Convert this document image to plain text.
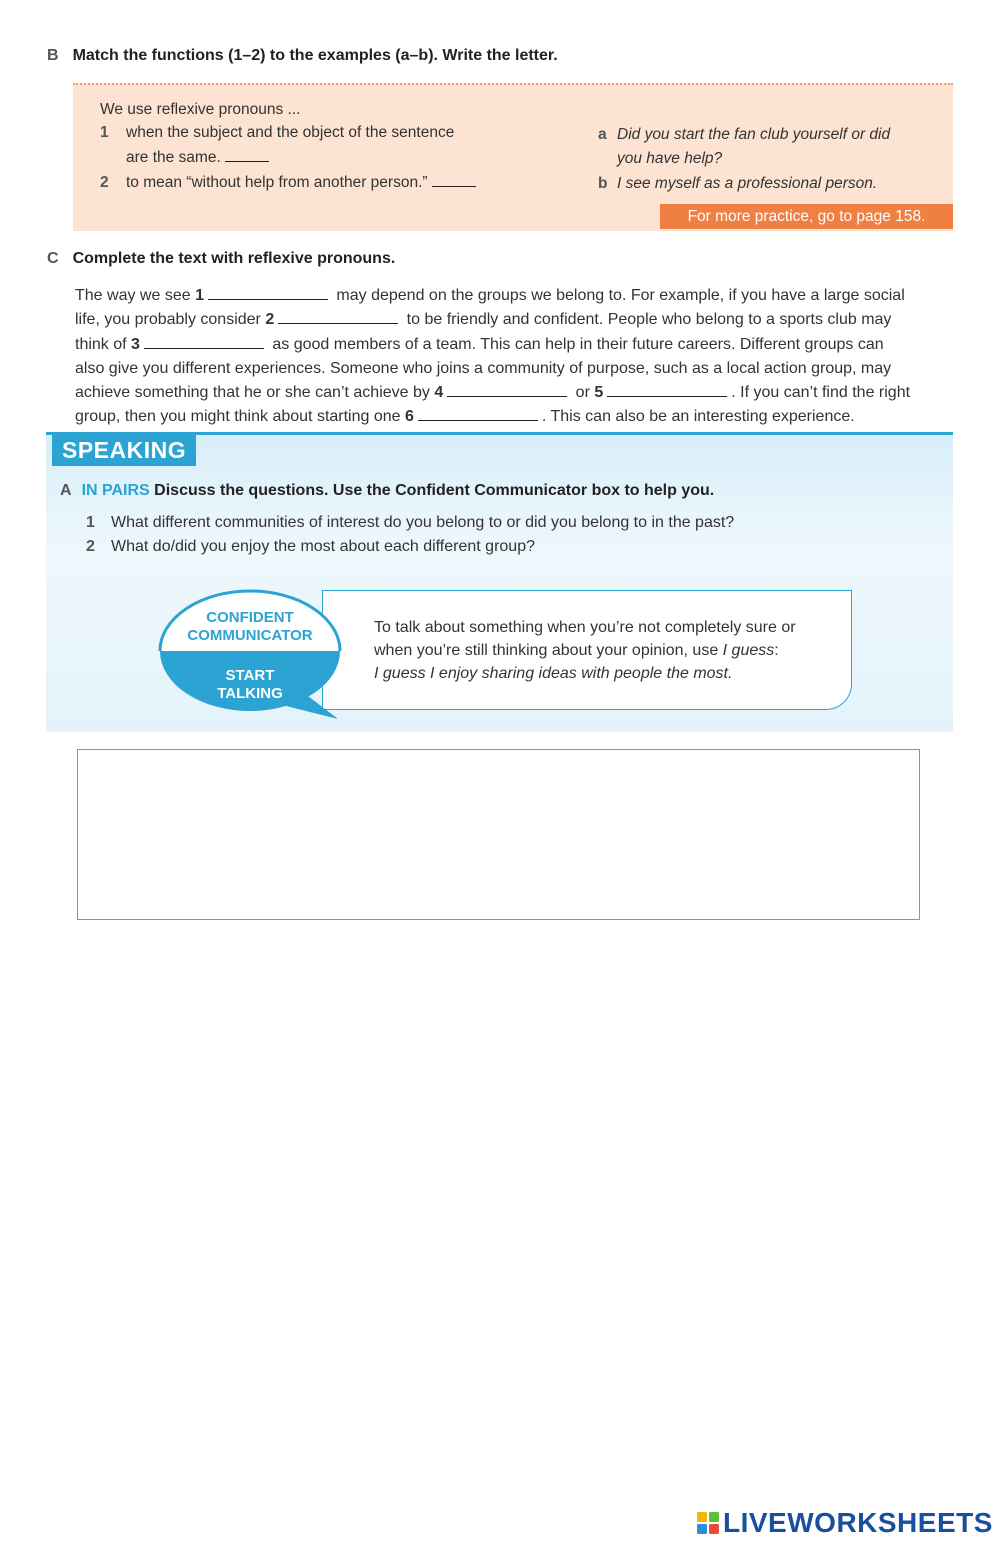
B Match the functions (1–2) to the examples (a–b). Write the letter.
We use reflexive pronouns ...
1 when the subject and the object of the sentence
are the same.
2 to mean “without help from another person.”
a Did you start the fan club yourself or did
you have help?
b I see myself as a professional person.
For more practice, go to page 158.
C Complete the text with reflexive pronouns.
The way we see 1	may depend on the groups we belong to. For example, if you have a large social
life, you probably consider 2	to be friendly and confident. People who belong to a sports club may
think of 3	as good members of a team. This can help in their future careers. Different groups can
also give you different experiences. Someone who joins a community of purpose, such as a local action group, may
achieve something that he or she can’t achieve by 4	or 5	. If you can’t find the right
group, then you might think about starting one 6	. This can also be an interesting experience.
SPEAKING
A IN PAIRS Discuss the questions. Use the Confident Communicator box to help you.
1 What different communities of interest do you belong to or did you belong to in the past?
2 What do/did you enjoy the most about each different group?
CONFIDENT
COMMUNICATOR
START
TALKING
To talk about something when you’re not completely sure or
when you’re still thinking about your opinion, use I guess:
I guess I enjoy sharing ideas with people the most.
LIVEWORKSHEETS
